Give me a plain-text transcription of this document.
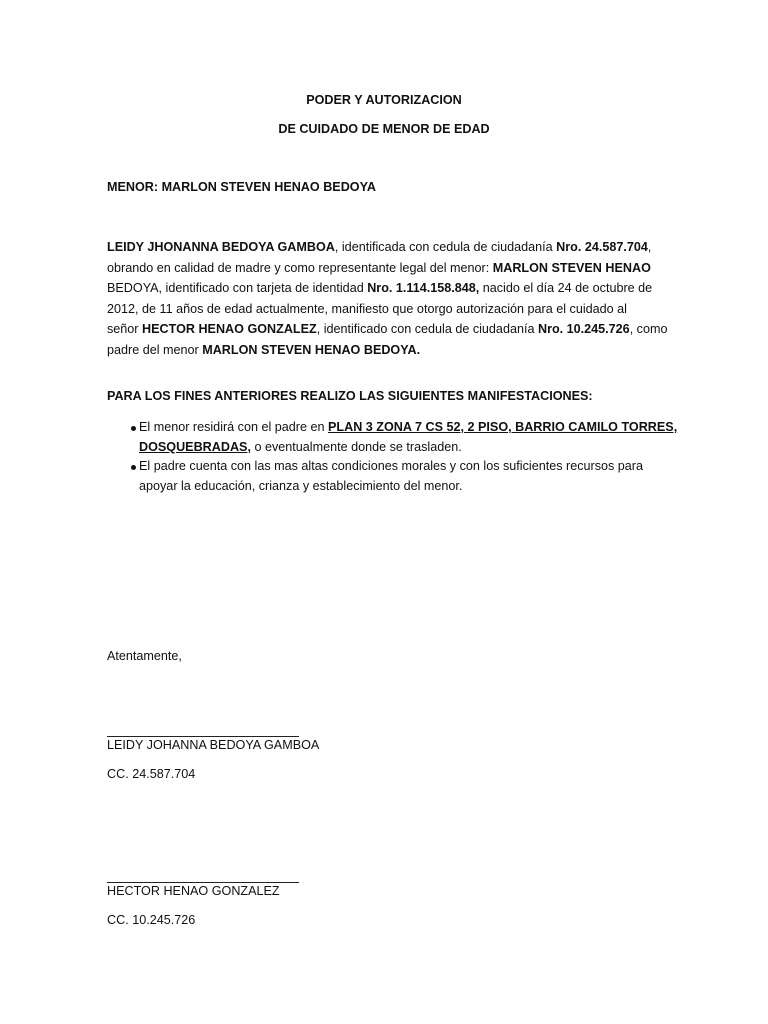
PODER Y AUTORIZACION
DE CUIDADO DE MENOR DE EDAD
MENOR: MARLON STEVEN HENAO BEDOYA
LEIDY JHONANNA BEDOYA GAMBOA, identificada con cedula de ciudadanía Nro. 24.587.704,
obrando en calidad de madre y como representante legal del menor: MARLON STEVEN HENAO
BEDOYA, identificado con tarjeta de identidad Nro. 1.114.158.848, nacido el día 24 de octubre de
2012, de 11 años de edad actualmente, manifiesto que otorgo autorización para el cuidado al
señor HECTOR HENAO GONZALEZ, identificado con cedula de ciudadanía Nro. 10.245.726, como
padre del menor MARLON STEVEN HENAO BEDOYA.
PARA LOS FINES ANTERIORES REALIZO LAS SIGUIENTES MANIFESTACIONES:
El menor residirá con el padre en PLAN 3 ZONA 7 CS 52, 2 PISO, BARRIO CAMILO TORRES,
DOSQUEBRADAS, o eventualmente donde se trasladen.
El padre cuenta con las mas altas condiciones morales y con los suficientes recursos para
apoyar la educación, crianza y establecimiento del menor.
Atentamente,
LEIDY JOHANNA BEDOYA GAMBOA
CC. 24.587.704
HECTOR HENAO GONZALEZ
CC. 10.245.726
